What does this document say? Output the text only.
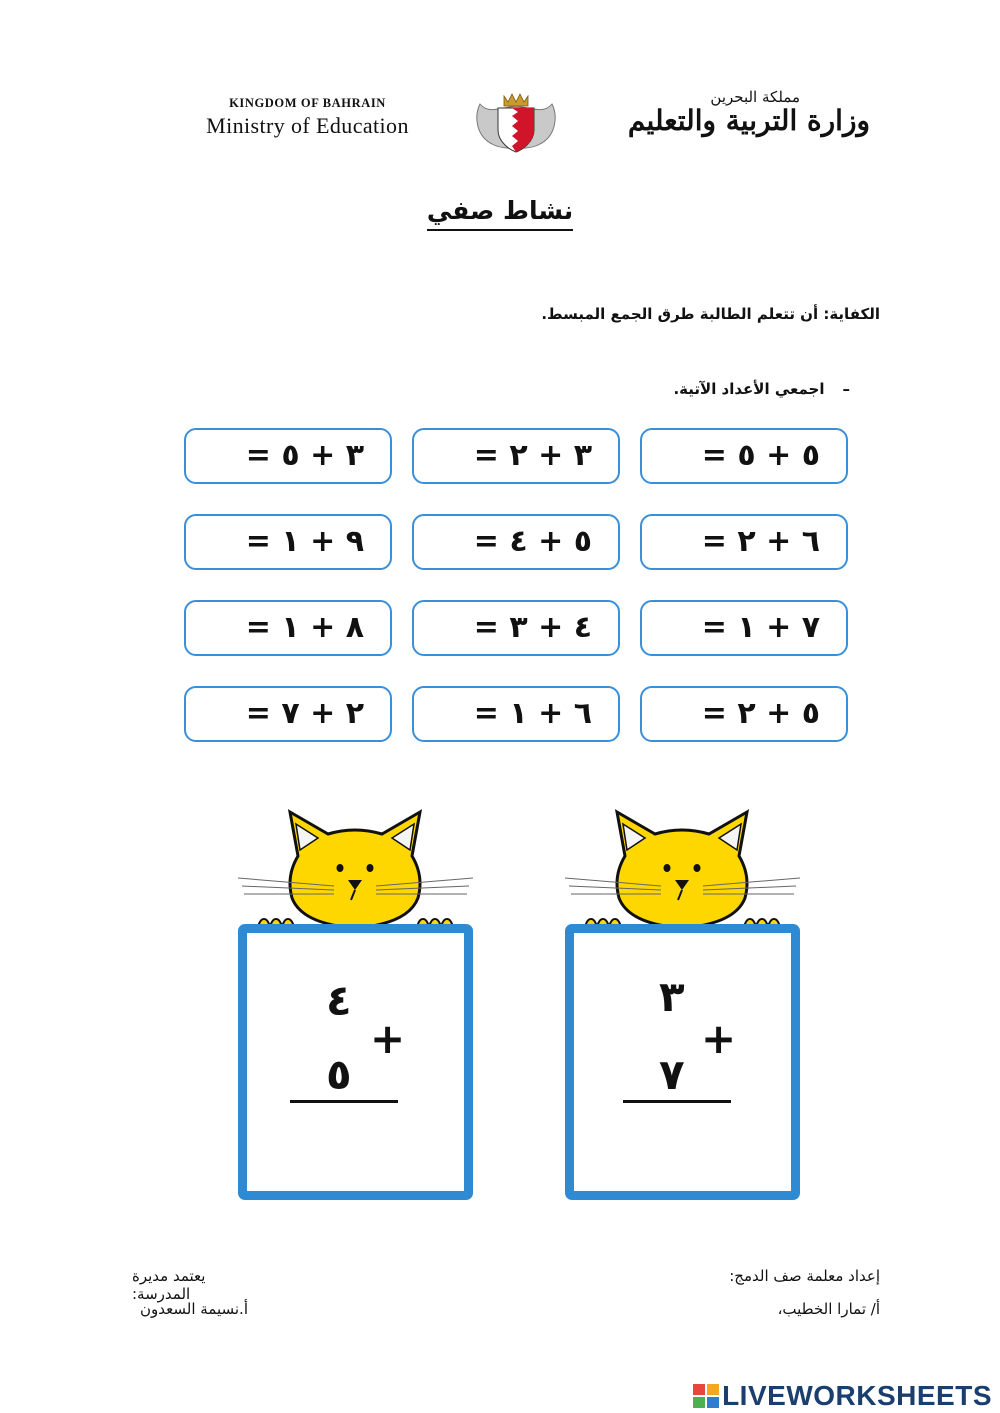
KINGDOM OF BAHRAIN
Ministry of Education
مملكة البحرين
وزارة التربية والتعليم
نشاط صفي
الكفاية: أن تتعلم الطالبة طرق الجمع المبسط.
–اجمعي الأعداد الآتية.
٥ + ٥ =
٣ + ٢ =
٣ + ٥ =
٦ + ٢ =
٥ + ٤ =
٩ + ١ =
٧ + ١ =
٤ + ٣ =
٨ + ١ =
٥ + ٢ =
٦ + ١ =
٢ + ٧ =
٤
+
٥
٣
+
٧
إعداد معلمة صف الدمج:
أ/ تمارا الخطيب،
يعتمد مديرة المدرسة:
أ.نسيمة السعدون
LIVEWORKSHEETS
